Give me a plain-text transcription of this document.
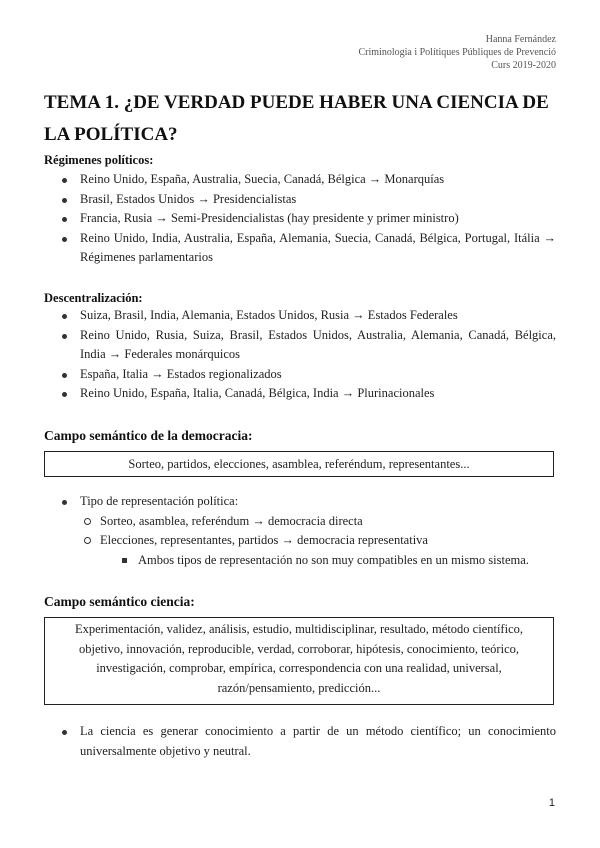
Hanna Fernández
Criminologia i Polítiques Públiques de Prevenció
Curs 2019-2020
TEMA 1. ¿DE VERDAD PUEDE HABER UNA CIENCIA DE LA POLÍTICA?
Régimenes políticos:
Reino Unido, España, Australia, Suecia, Canadá, Bélgica → Monarquías
Brasil, Estados Unidos → Presidencialistas
Francia, Rusia → Semi-Presidencialistas (hay presidente y primer ministro)
Reino Unido, India, Australia, España, Alemania, Suecia, Canadá, Bélgica, Portugal, Itália → Régimenes parlamentarios
Descentralización:
Suiza, Brasil, India, Alemania, Estados Unidos, Rusia → Estados Federales
Reino Unido, Rusia, Suiza, Brasil, Estados Unidos, Australia, Alemania, Canadá, Bélgica, India → Federales monárquicos
España, Italia → Estados regionalizados
Reino Unido, España, Italia, Canadá, Bélgica, India → Plurinacionales
Campo semántico de la democracia:
Sorteo, partidos, elecciones, asamblea, referéndum, representantes...
Tipo de representación política:
Sorteo, asamblea, referéndum → democracia directa
Elecciones, representantes, partidos → democracia representativa
Ambos tipos de representación no son muy compatibles en un mismo sistema.
Campo semántico ciencia:
Experimentación, validez, análisis, estudio, multidisciplinar, resultado, método científico,
objetivo, innovación, reproducible, verdad, corroborar, hipótesis, conocimiento, teórico,
investigación, comprobar, empírica, correspondencia con una realidad, universal,
razón/pensamiento, predicción...
La ciencia es generar conocimiento a partir de un método científico; un conocimiento universalmente objetivo y neutral.
1
